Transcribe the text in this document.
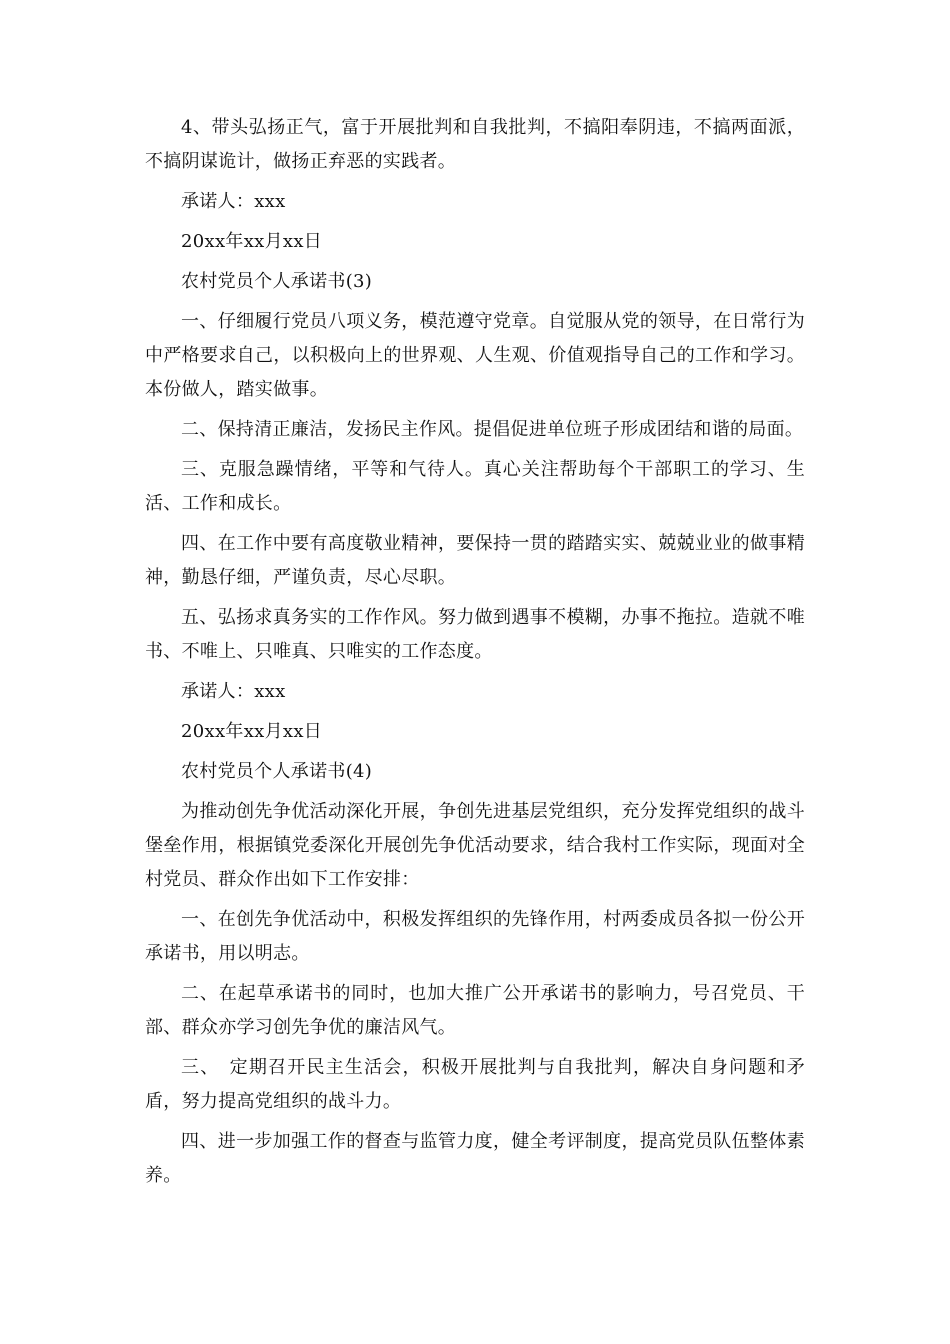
4、带头弘扬正气，富于开展批判和自我批判，不搞阳奉阴违，不搞两面派，不搞阴谋诡计，做扬正弃恶的实践者。

承诺人：xxx

20xx年xx月xx日

农村党员个人承诺书(3)

一、仔细履行党员八项义务，模范遵守党章。自觉服从党的领导，在日常行为中严格要求自己，以积极向上的世界观、人生观、价值观指导自己的工作和学习。本份做人，踏实做事。

二、保持清正廉洁，发扬民主作风。提倡促进单位班子形成团结和谐的局面。

三、克服急躁情绪，平等和气待人。真心关注帮助每个干部职工的学习、生活、工作和成长。

四、在工作中要有高度敬业精神，要保持一贯的踏踏实实、兢兢业业的做事精神，勤恳仔细，严谨负责，尽心尽职。

五、弘扬求真务实的工作作风。努力做到遇事不模糊，办事不拖拉。造就不唯书、不唯上、只唯真、只唯实的工作态度。

承诺人：xxx

20xx年xx月xx日

农村党员个人承诺书(4)

为推动创先争优活动深化开展，争创先进基层党组织，充分发挥党组织的战斗堡垒作用，根据镇党委深化开展创先争优活动要求，结合我村工作实际，现面对全村党员、群众作出如下工作安排：

一、在创先争优活动中，积极发挥组织的先锋作用，村两委成员各拟一份公开承诺书，用以明志。

二、在起草承诺书的同时，也加大推广公开承诺书的影响力，号召党员、干部、群众亦学习创先争优的廉洁风气。

三、　定期召开民主生活会，积极开展批判与自我批判，解决自身问题和矛盾，努力提高党组织的战斗力。

四、进一步加强工作的督查与监管力度，健全考评制度，提高党员队伍整体素养。
